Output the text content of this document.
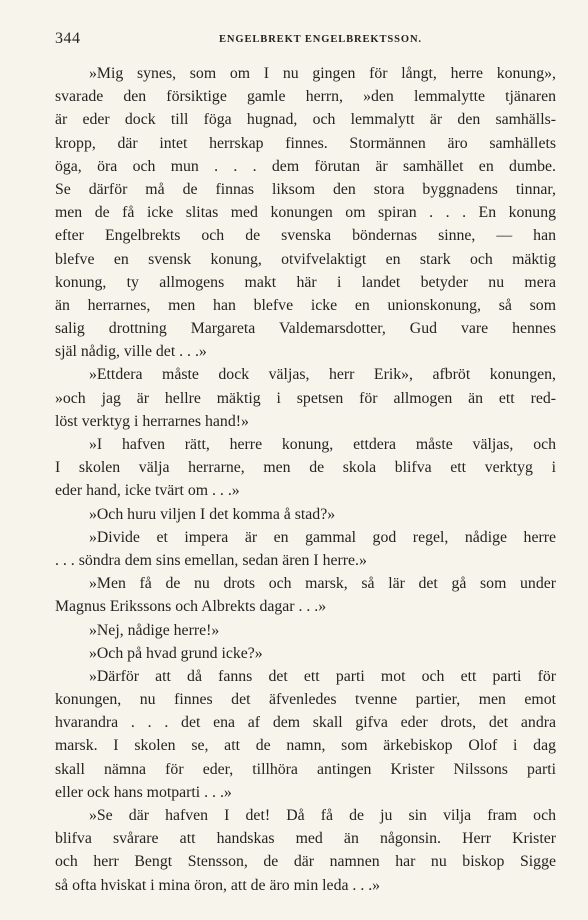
344	ENGELBREKT ENGELBREKTSSON.
»Mig synes, som om I nu gingen för långt, herre konung»,
svarade den försiktige gamle herrn, »den lemmalytte tjänaren
är eder dock till föga hugnad, och lemmalytt är den samhälls-
kropp, där intet herrskap finnes. Stormännen äro samhällets
öga, öra och mun . . . dem förutan är samhället en dumbe.
Se därför må de finnas liksom den stora byggnadens tinnar,
men de få icke slitas med konungen om spiran . . . En konung
efter Engelbrekts och de svenska böndernas sinne, — han
blefve en svensk konung, otvifvelaktigt en stark och mäktig
konung, ty allmogens makt här i landet betyder nu mera
än herrarnes, men han blefve icke en unionskonung, så som
salig drottning Margareta Valdemarsdotter, Gud vare hennes
själ nådig, ville det . . .»
»Ettdera måste dock väljas, herr Erik», afbröt konungen,
»och jag är hellre mäktig i spetsen för allmogen än ett red-
löst verktyg i herrarnes hand!»
»I hafven rätt, herre konung, ettdera måste väljas, och
I skolen välja herrarne, men de skola blifva ett verktyg i
eder hand, icke tvärt om . . .»
»Och huru viljen I det komma å stad?»
»Divide et impera är en gammal god regel, nådige herre
. . . söndra dem sins emellan, sedan ären I herre.»
»Men få de nu drots och marsk, så lär det gå som under
Magnus Erikssons och Albrekts dagar . . .»
»Nej, nådige herre!»
»Och på hvad grund icke?»
»Därför att då fanns det ett parti mot och ett parti för
konungen, nu finnes det äfvenledes tvenne partier, men emot
hvarandra . . . det ena af dem skall gifva eder drots, det andra
marsk. I skolen se, att de namn, som ärkebiskop Olof i dag
skall nämna för eder, tillhöra antingen Krister Nilssons parti
eller ock hans motparti . . .»
»Se där hafven I det! Då få de ju sin vilja fram och
blifva svårare att handskas med än någonsin. Herr Krister
och herr Bengt Stensson, de där namnen har nu biskop Sigge
så ofta hviskat i mina öron, att de äro min leda . . .»
